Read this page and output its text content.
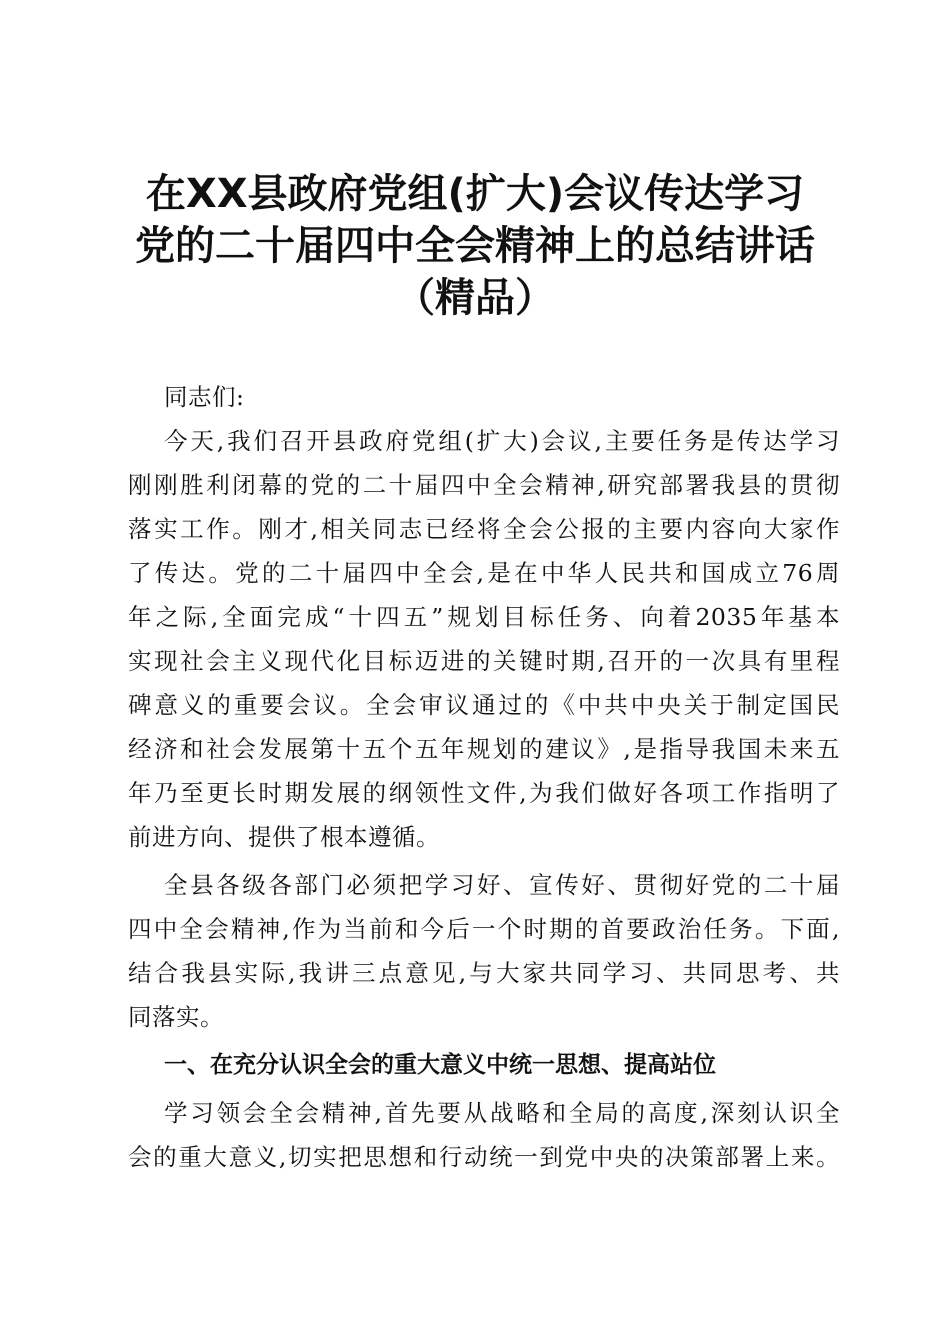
在XX县政府党组(扩大)会议传达学习
党的二十届四中全会精神上的总结讲话
（精品）
同志们:
今天,我们召开县政府党组(扩大)会议,主要任务是传达学习
刚刚胜利闭幕的党的二十届四中全会精神,研究部署我县的贯彻
落实工作。刚才,相关同志已经将全会公报的主要内容向大家作
了传达。党的二十届四中全会,是在中华人民共和国成立76周
年之际,全面完成“十四五”规划目标任务、向着2035年基本
实现社会主义现代化目标迈进的关键时期,召开的一次具有里程
碑意义的重要会议。全会审议通过的《中共中央关于制定国民
经济和社会发展第十五个五年规划的建议》,是指导我国未来五
年乃至更长时期发展的纲领性文件,为我们做好各项工作指明了
前进方向、提供了根本遵循。
全县各级各部门必须把学习好、宣传好、贯彻好党的二十届
四中全会精神,作为当前和今后一个时期的首要政治任务。下面,
结合我县实际,我讲三点意见,与大家共同学习、共同思考、共
同落实。
一、在充分认识全会的重大意义中统一思想、提高站位
学习领会全会精神,首先要从战略和全局的高度,深刻认识全
会的重大意义,切实把思想和行动统一到党中央的决策部署上来。
